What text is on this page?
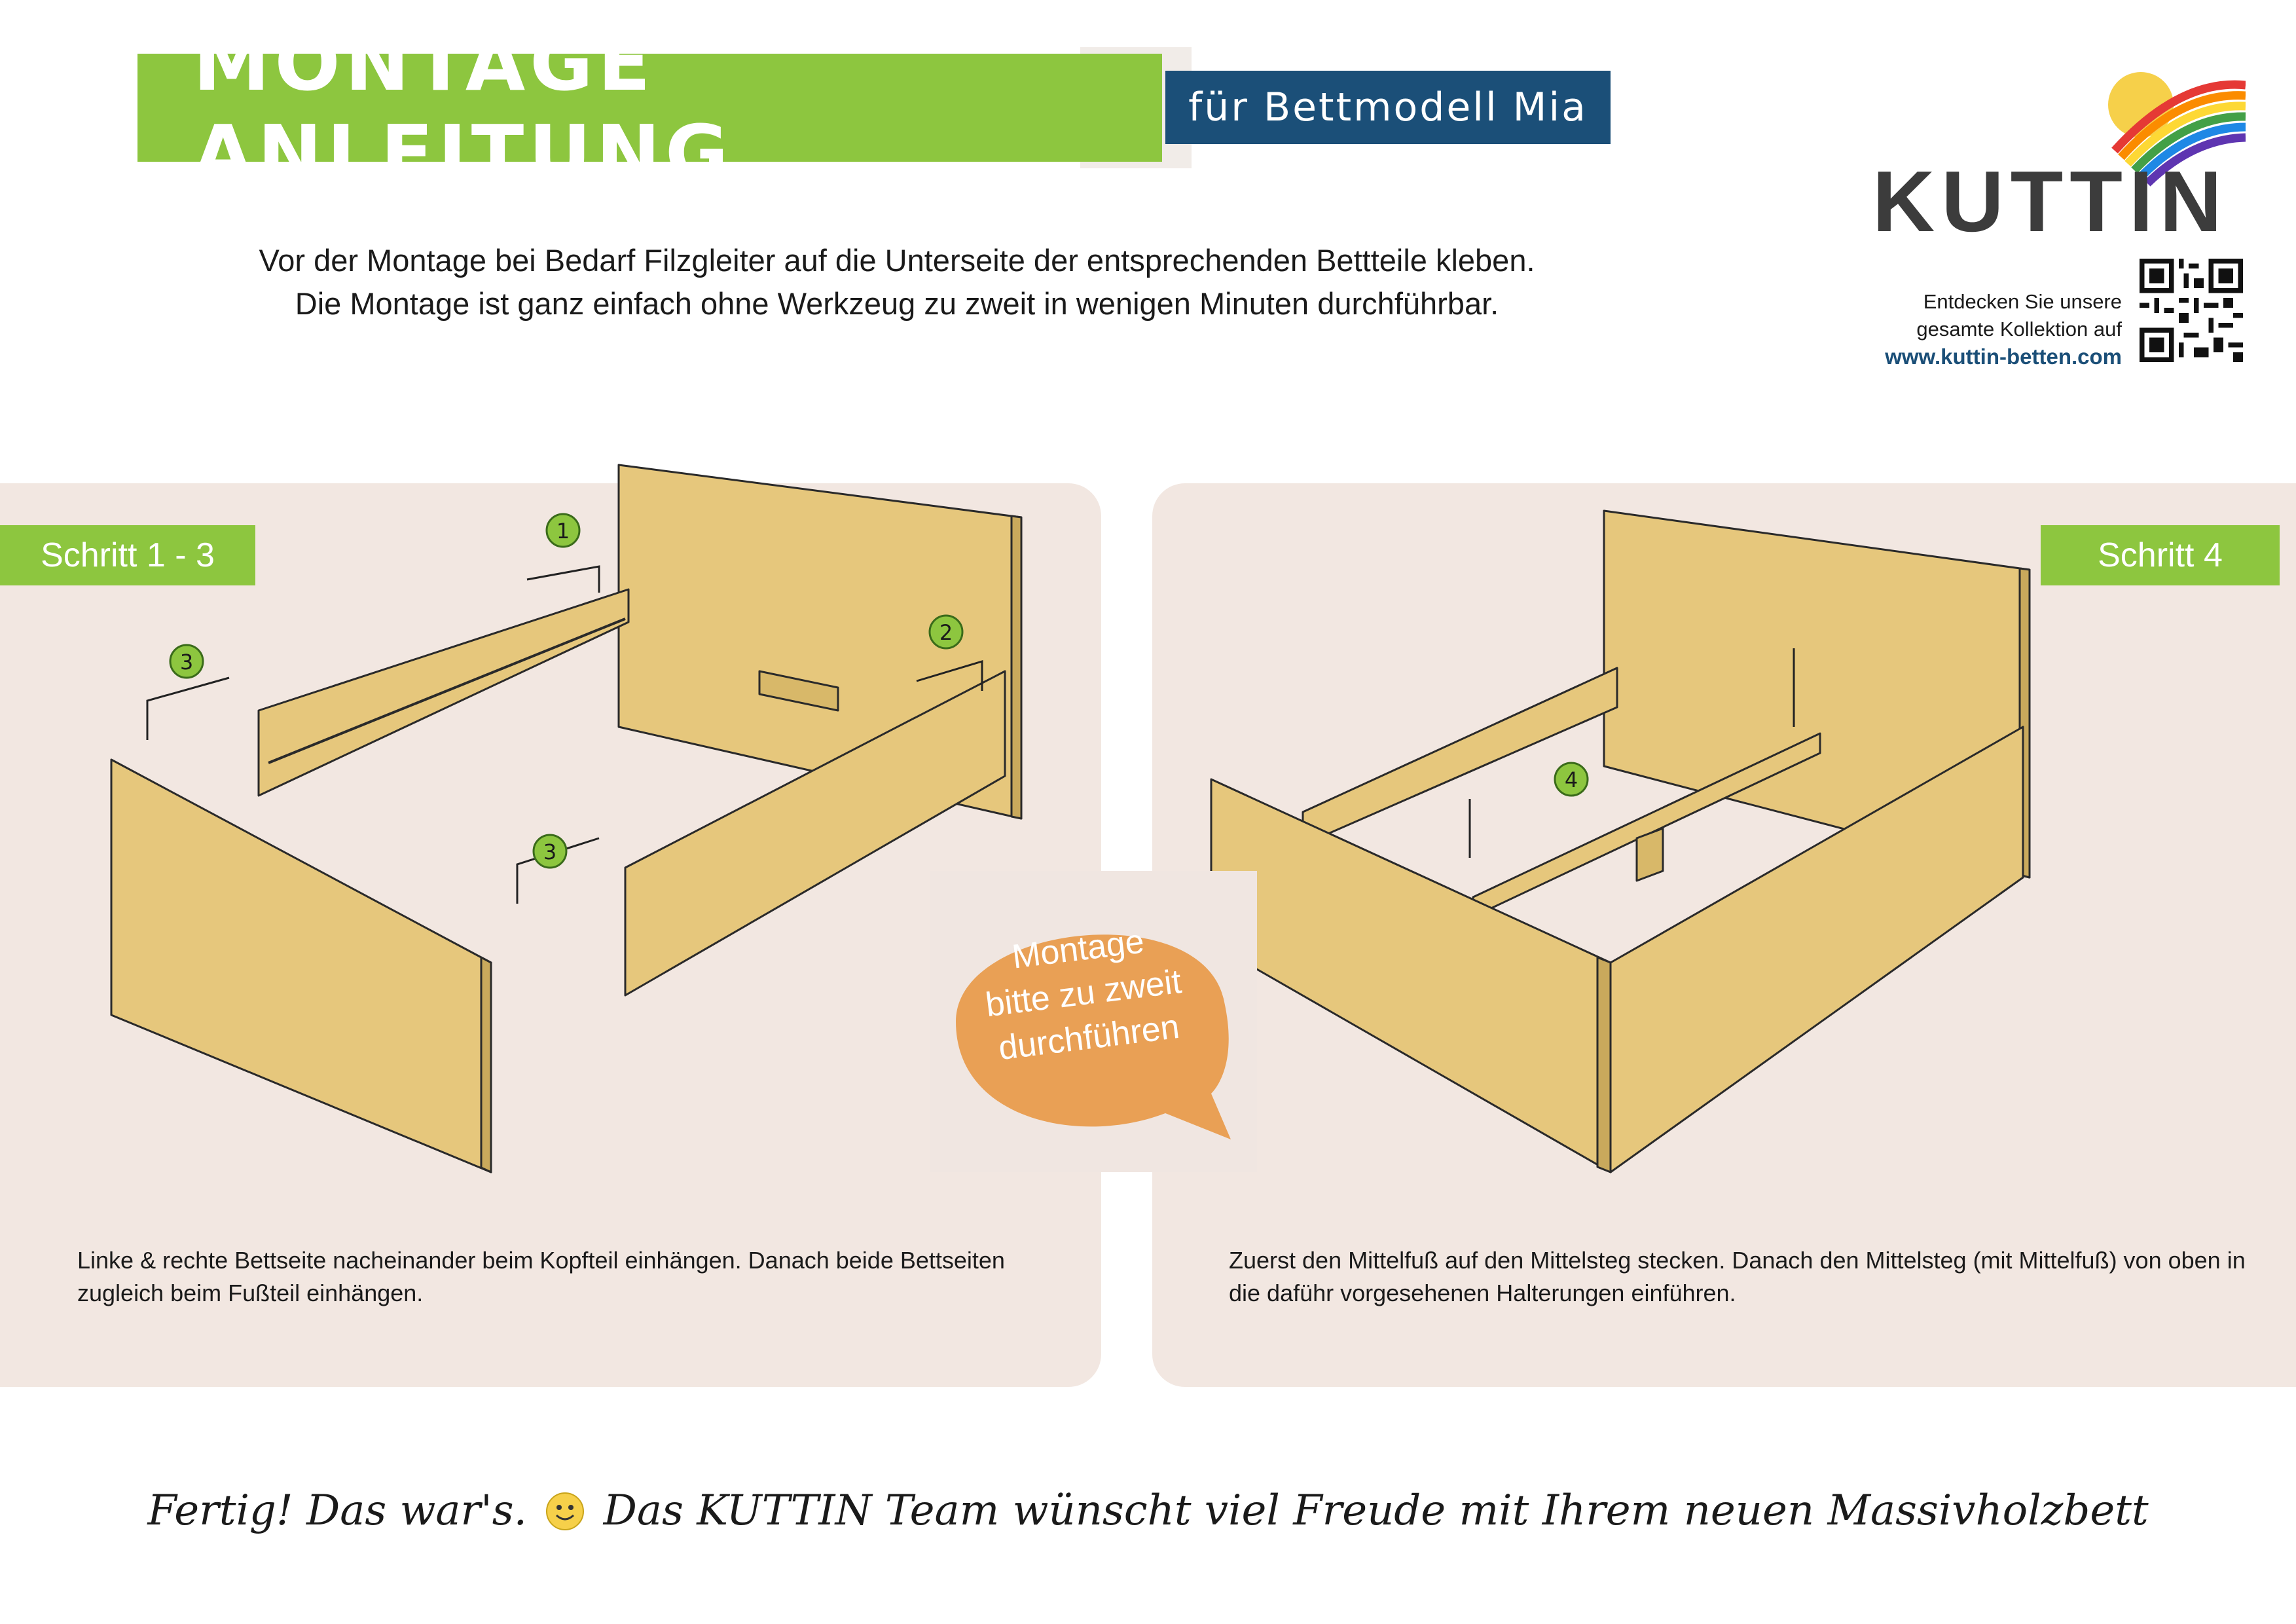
MONTAGE ANLEITUNG
für Bettmodell Mia
Vor der Montage bei Bedarf Filzgleiter auf die Unterseite der entsprechenden Bettteile kleben.
Die Montage ist ganz einfach ohne Werkzeug zu zweit in wenigen Minuten durchführbar.
KUTTIN
Entdecken Sie unsere
gesamte Kollektion auf
www.kuttin-betten.com
Schritt 1 - 3	Schritt 4
1
2
3
3
4
Montage
bitte zu zweit
durchführen
Linke & rechte Bettseite nacheinander beim Kopfteil einhängen. Danach beide Bettseiten zugleich beim Fußteil einhängen.
Zuerst den Mittelfuß auf den Mittelsteg stecken. Danach den Mittelsteg (mit Mittelfuß) von oben in die daführ vorgesehenen Halterungen einführen.
Fertig! Das war's. Das KUTTIN Team wünscht viel Freude mit Ihrem neuen Massivholzbett
